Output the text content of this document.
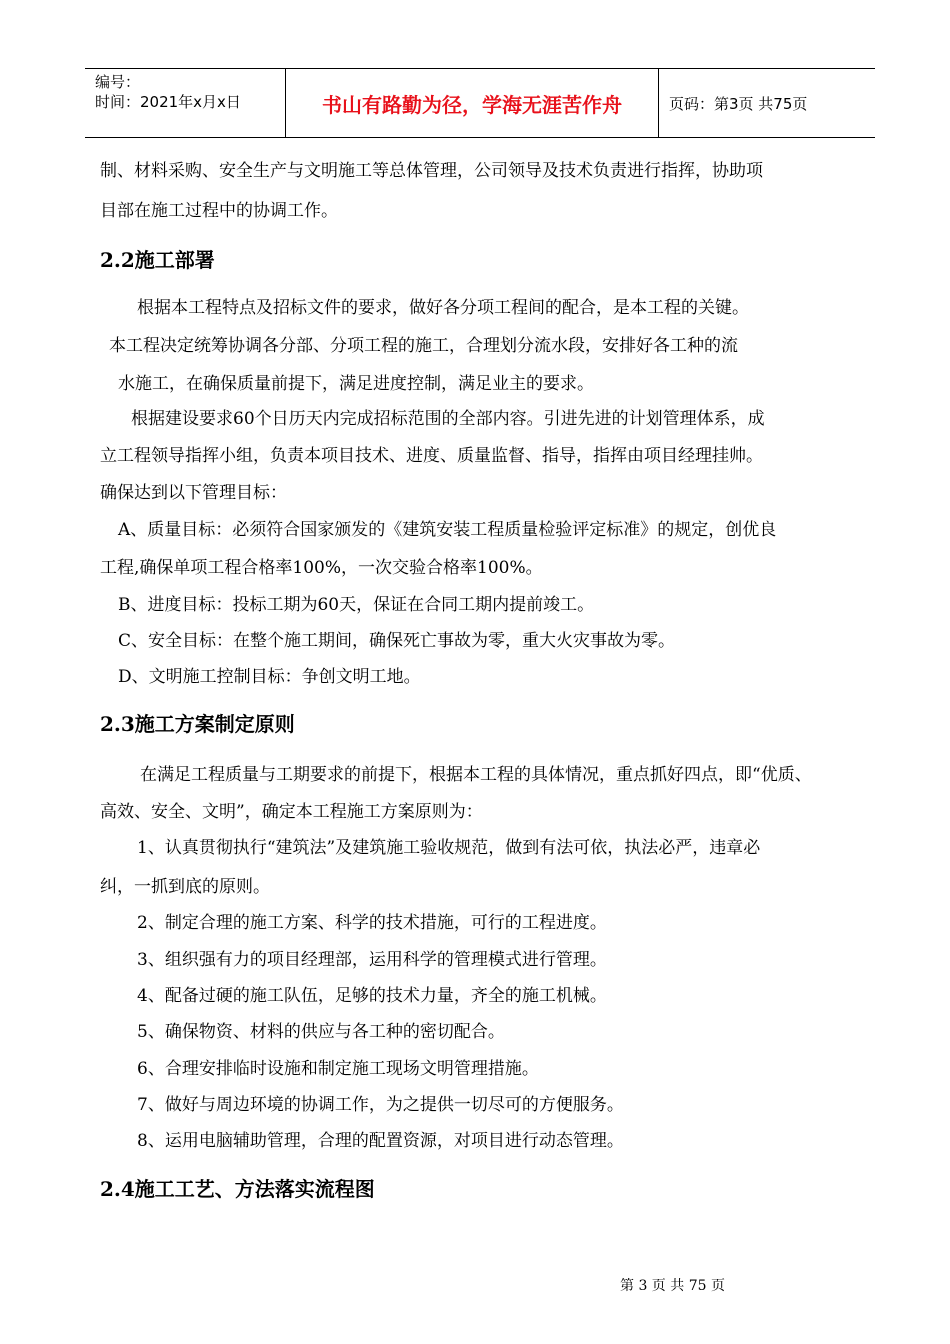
编号：
时间：2021年x月x日	书山有路勤为径，学海无涯苦作舟	页码：第3页 共75页
制、材料采购、安全生产与文明施工等总体管理，公司领导及技术负责进行指挥，协助项
目部在施工过程中的协调工作。
2.2施工部署
根据本工程特点及招标文件的要求，做好各分项工程间的配合，是本工程的关键。
本工程决定统筹协调各分部、分项工程的施工，合理划分流水段，安排好各工种的流
水施工，在确保质量前提下，满足进度控制，满足业主的要求。
根据建设要求60个日历天内完成招标范围的全部内容。引进先进的计划管理体系，成
立工程领导指挥小组，负责本项目技术、进度、质量监督、指导，指挥由项目经理挂帅。
确保达到以下管理目标：
A、质量目标：必须符合国家颁发的《建筑安装工程质量检验评定标准》的规定，创优良
工程,确保单项工程合格率100%，一次交验合格率100%。
B、进度目标：投标工期为60天，保证在合同工期内提前竣工。
C、安全目标：在整个施工期间，确保死亡事故为零，重大火灾事故为零。
D、文明施工控制目标：争创文明工地。
2.3施工方案制定原则
在满足工程质量与工期要求的前提下，根据本工程的具体情况，重点抓好四点，即“优质、
高效、安全、文明”，确定本工程施工方案原则为：
1、认真贯彻执行“建筑法”及建筑施工验收规范，做到有法可依，执法必严，违章必
纠，一抓到底的原则。
2、制定合理的施工方案、科学的技术措施，可行的工程进度。
3、组织强有力的项目经理部，运用科学的管理模式进行管理。
4、配备过硬的施工队伍，足够的技术力量，齐全的施工机械。
5、确保物资、材料的供应与各工种的密切配合。
6、合理安排临时设施和制定施工现场文明管理措施。
7、做好与周边环境的协调工作，为之提供一切尽可的方便服务。
8、运用电脑辅助管理，合理的配置资源，对项目进行动态管理。
2.4施工工艺、方法落实流程图
第 3 页 共 75 页
